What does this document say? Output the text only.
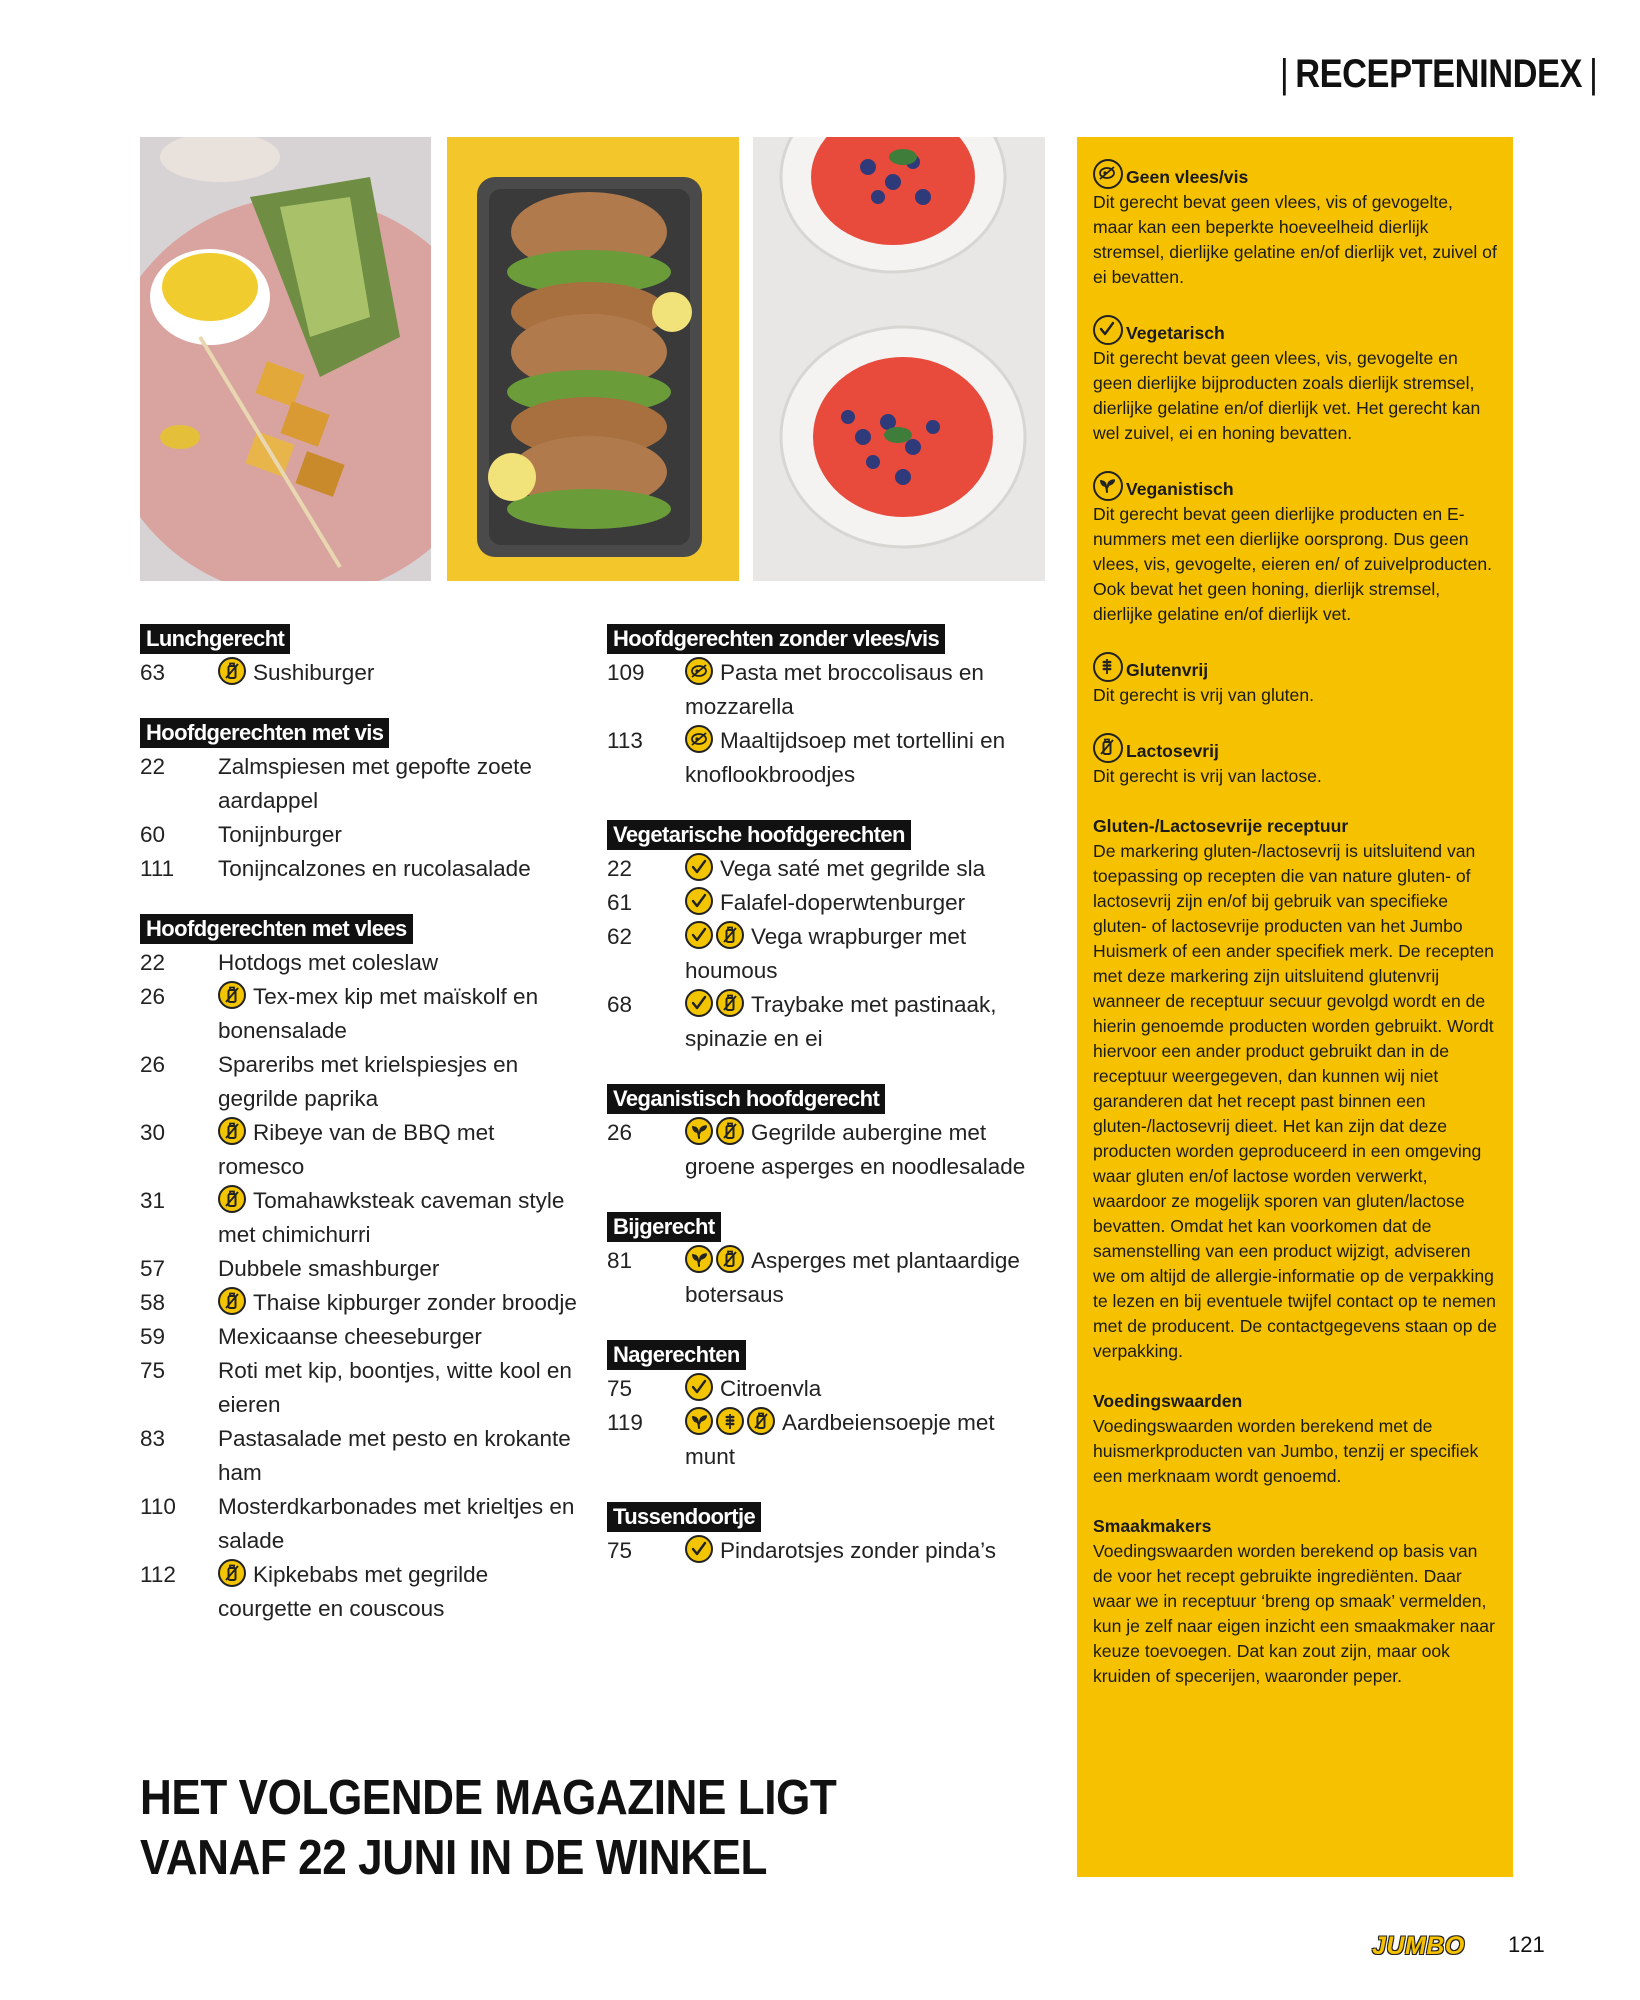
| RECEPTENINDEX |
Lunchgerecht
63	Sushiburger
Hoofdgerechten met vis
22	Zalmspiesen met gepofte zoete aardappel
60	Tonijnburger
111	Tonijncalzones en rucolasalade
Hoofdgerechten met vlees
22	Hotdogs met coleslaw
26	Tex-mex kip met maïskolf en bonensalade
26	Spareribs met krielspiesjes en gegrilde paprika
30	Ribeye van de BBQ met romesco
31	Tomahawksteak caveman style met chimichurri
57	Dubbele smashburger
58	Thaise kipburger zonder broodje
59	Mexicaanse cheeseburger
75	Roti met kip, boontjes, witte kool en eieren
83	Pastasalade met pesto en krokante ham
110	Mosterdkarbonades met krieltjes en salade
112	Kipkebabs met gegrilde courgette en couscous
Hoofdgerechten zonder vlees/vis
109	Pasta met broccolisaus en mozzarella
113	Maaltijdsoep met tortellini en knoflookbroodjes
Vegetarische hoofdgerechten
22	Vega saté met gegrilde sla
61	Falafel-doperwtenburger
62	Vega wrapburger met houmous
68	Traybake met pastinaak, spinazie en ei
Veganistisch hoofdgerecht
26	Gegrilde aubergine met groene asperges en noodlesalade
Bijgerecht
81	Asperges met plantaardige botersaus
Nagerechten
75	Citroenvla
119	Aardbeiensoepje met munt
Tussendoortje
75	Pindarotsjes zonder pinda’s
Geen vlees/vis
Dit gerecht bevat geen vlees, vis of gevogelte, maar kan een beperkte hoeveelheid dierlijk stremsel, dierlijke gelatine en/of dierlijk vet, zuivel of ei bevatten.
Vegetarisch
Dit gerecht bevat geen vlees, vis, gevogelte en geen dierlijke bijproducten zoals dierlijk stremsel, dierlijke gelatine en/of dierlijk vet. Het gerecht kan wel zuivel, ei en honing bevatten.
Veganistisch
Dit gerecht bevat geen dierlijke producten en E-nummers met een dierlijke oorsprong. Dus geen vlees, vis, gevogelte, eieren en/ of zuivelproducten. Ook bevat het geen honing, dierlijk stremsel, dierlijke gelatine en/of dierlijk vet.
Glutenvrij
Dit gerecht is vrij van gluten.
Lactosevrij
Dit gerecht is vrij van lactose.
Gluten-/Lactosevrije receptuur
De markering gluten-/lactosevrij is uitsluitend van toepassing op recepten die van nature gluten- of lactosevrij zijn en/of bij gebruik van specifieke gluten- of lactosevrije producten van het Jumbo Huismerk of een ander specifiek merk. De recepten met deze markering zijn uitsluitend glutenvrij wanneer de receptuur secuur gevolgd wordt en de hierin genoemde producten worden gebruikt. Wordt hiervoor een ander product gebruikt dan in de receptuur weergegeven, dan kunnen wij niet garanderen dat het recept past binnen een gluten-/lactosevrij dieet. Het kan zijn dat deze producten worden geproduceerd in een omgeving waar gluten en/of lactose worden verwerkt, waardoor ze mogelijk sporen van gluten/lactose bevatten. Omdat het kan voorkomen dat de samenstelling van een product wijzigt, adviseren we om altijd de allergie-informatie op de verpakking te lezen en bij eventuele twijfel contact op te nemen met de producent. De contactgegevens staan op de verpakking.
Voedingswaarden
Voedingswaarden worden berekend met de huismerkproducten van Jumbo, tenzij er specifiek een merknaam wordt genoemd.
Smaakmakers
Voedingswaarden worden berekend op basis van de voor het recept gebruikte ingrediënten. Daar waar we in receptuur ‘breng op smaak’ vermelden, kun je zelf naar eigen inzicht een smaakmaker naar keuze toevoegen. Dat kan zout zijn, maar ook kruiden of specerijen, waaronder peper.
HET VOLGENDE MAGAZINE LIGT
VANAF 22 JUNI IN DE WINKEL
JUMBO 121
